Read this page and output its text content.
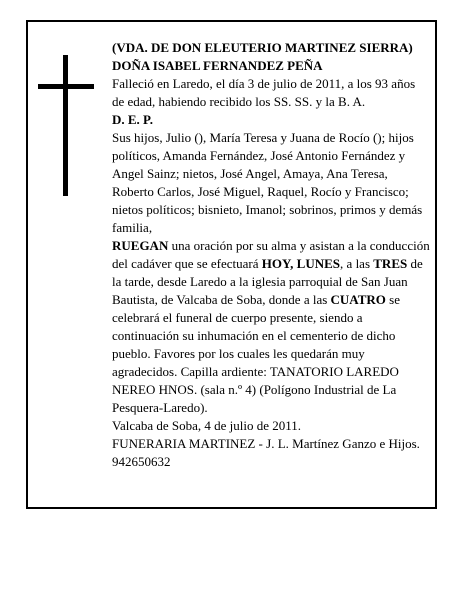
(VDA. DE DON ELEUTERIO MARTINEZ SIERRA)

DOÑA ISABEL FERNANDEZ PEÑA

Falleció en Laredo, el día 3 de julio de 2011, a los 93 años de edad, habiendo recibido los SS. SS. y la B. A.

D. E. P.

Sus hijos, Julio (), María Teresa y Juana de Rocío (); hijos políticos, Amanda Fernández, José Antonio Fernández y Angel Sainz; nietos, José Angel, Amaya, Ana Teresa, Roberto Carlos, José Miguel, Raquel, Rocío y Francisco; nietos políticos; bisnieto, Imanol; sobrinos, primos y demás familia,

RUEGAN una oración por su alma y asistan a la conducción del cadáver que se efectuará HOY, LUNES, a las TRES de la tarde, desde Laredo a la iglesia parroquial de San Juan Bautista, de Valcaba de Soba, donde a las CUATRO se celebrará el funeral de cuerpo presente, siendo a continuación su inhumación en el cementerio de dicho pueblo. Favores por los cuales les quedarán muy agradecidos. Capilla ardiente: TANATORIO LAREDO NEREO HNOS. (sala n.º 4) (Polígono Industrial de La Pesquera-Laredo).

Valcaba de Soba, 4 de julio de 2011.

FUNERARIA MARTINEZ - J. L. Martínez Ganzo e Hijos. 942650632
